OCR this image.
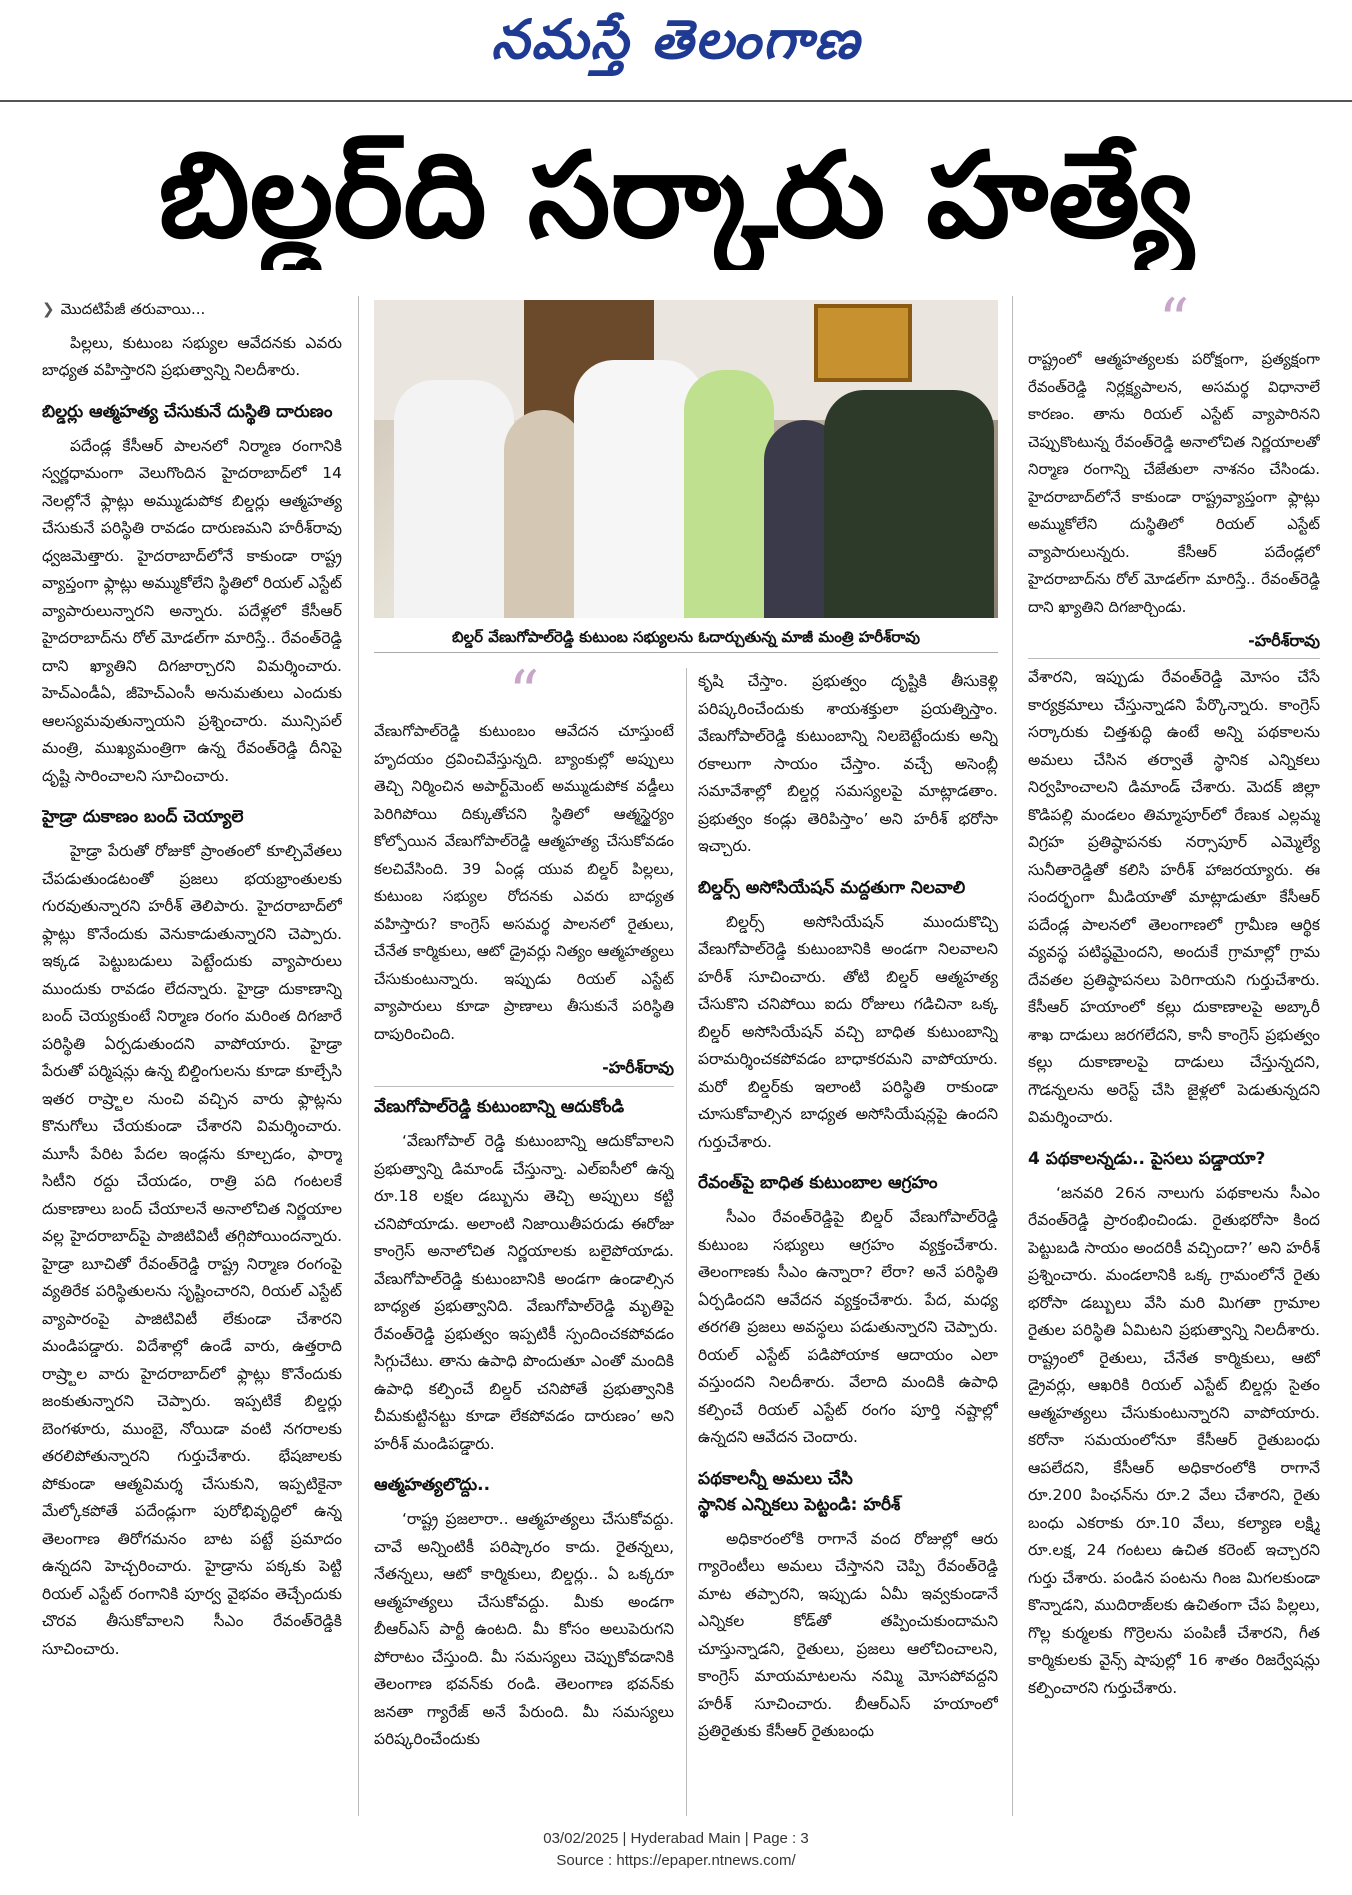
నమస్తే తెలంగాణ
బిల్డర్‌ది సర్కారు హత్యే
❯ మొదటిపేజీ తరువాయి...

పిల్లలు, కుటుంబ సభ్యుల ఆవేదనకు ఎవరు బాధ్యత వహిస్తారని ప్రభుత్వాన్ని నిలదీశారు.

బిల్డర్లు ఆత్మహత్య చేసుకునే దుస్థితి దారుణం

పదేండ్ల కేసీఆర్ పాలనలో నిర్మాణ రంగానికి స్వర్ణధామంగా వెలుగొందిన హైదరాబాద్‌లో 14 నెలల్లోనే ఫ్లాట్లు అమ్ముడుపోక బిల్డర్లు ఆత్మహత్య చేసుకునే పరిస్థితి రావడం దారుణమని హరీశ్‌రావు ధ్వజమెత్తారు. హైదరాబాద్‌లోనే కాకుండా రాష్ట్ర వ్యాప్తంగా ఫ్లాట్లు అమ్ముకోలేని స్థితిలో రియల్ ఎస్టేట్ వ్యాపారులున్నారని అన్నారు. పదేళ్లలో కేసీఆర్ హైదరాబాద్‌ను రోల్ మోడల్‌గా మారిస్తే.. రేవంత్‌రెడ్డి దాని ఖ్యాతిని దిగజార్చారని విమర్శించారు. హెచ్‌ఎండీఏ, జీహెచ్‌ఎంసీ అనుమతులు ఎందుకు ఆలస్యమవుతున్నాయని ప్రశ్నించారు. మున్సిపల్ మంత్రి, ముఖ్యమంత్రిగా ఉన్న రేవంత్‌రెడ్డి దీనిపై దృష్టి సారించాలని సూచించారు.

హైడ్రా దుకాణం బంద్ చెయ్యాలె

హైడ్రా పేరుతో రోజుకో ప్రాంతంలో కూల్చివేతలు చేపడుతుండటంతో ప్రజలు భయభ్రాంతులకు గురవుతున్నారని హరీశ్ తెలిపారు. హైదరాబాద్‌లో ఫ్లాట్లు కొనేందుకు వెనుకాడుతున్నారని చెప్పారు. ఇక్కడ పెట్టుబడులు పెట్టేందుకు వ్యాపారులు ముందుకు రావడం లేదన్నారు. హైడ్రా దుకాణాన్ని బంద్ చెయ్యకుంటే నిర్మాణ రంగం మరింత దిగజారే పరిస్థితి ఏర్పడుతుందని వాపోయారు. హైడ్రా పేరుతో పర్మిషన్లు ఉన్న బిల్డింగులను కూడా కూల్చేసి ఇతర రాష్ర్టాల నుంచి వచ్చిన వారు ఫ్లాట్లను కొనుగోలు చేయకుండా చేశారని విమర్శించారు. మూసీ పేరిట పేదల ఇండ్లను కూల్చడం, ఫార్మా సిటీని రద్దు చేయడం, రాత్రి పది గంటలకే దుకాణాలు బంద్ చేయాలనే అనాలోచిత నిర్ణయాల వల్ల హైదరాబాద్‌పై పాజిటివిటీ తగ్గిపోయిందన్నారు. హైడ్రా బూచితో రేవంత్‌రెడ్డి రాష్ట్ర నిర్మాణ రంగంపై వ్యతిరేక పరిస్థితులను సృష్టించారని, రియల్ ఎస్టేట్ వ్యాపారంపై పాజిటివిటీ లేకుండా చేశారని మండిపడ్డారు. విదేశాల్లో ఉండే వారు, ఉత్తరాది రాష్ర్టాల వారు హైదరాబాద్‌లో ఫ్లాట్లు కొనేందుకు జంకుతున్నారని చెప్పారు. ఇప్పటికే బిల్డర్లు బెంగళూరు, ముంబై, నోయిడా వంటి నగరాలకు తరలిపోతున్నారని గుర్తుచేశారు. భేషజాలకు పోకుండా ఆత్మవిమర్శ చేసుకుని, ఇప్పటికైనా మేల్కోకపోతే పదేండ్లుగా పురోభివృద్ధిలో ఉన్న తెలంగాణ తిరోగమనం బాట పట్టే ప్రమాదం ఉన్నదని హెచ్చరించారు. హైడ్రాను పక్కకు పెట్టి రియల్ ఎస్టేట్ రంగానికి పూర్వ వైభవం తెచ్చేందుకు చొరవ తీసుకోవాలని సీఎం రేవంత్‌రెడ్డికి సూచించారు.

బిల్డర్ వేణుగోపాల్‌రెడ్డి కుటుంబ సభ్యులను ఓదార్చుతున్న మాజీ మంత్రి హరీశ్‌రావు
“

వేణుగోపాల్‌రెడ్డి కుటుంబం ఆవేదన చూస్తుంటే హృదయం ద్రవించివేస్తున్నది. బ్యాంకుల్లో అప్పులు తెచ్చి నిర్మించిన అపార్ట్‌మెంట్ అమ్ముడుపోక వడ్డీలు పెరిగిపోయి దిక్కుతోచని స్థితిలో ఆత్మస్థైర్యం కోల్పోయిన వేణుగోపాల్‌రెడ్డి ఆత్మహత్య చేసుకోవడం కలచివేసింది. 39 ఏండ్ల యువ బిల్డర్ పిల్లలు, కుటుంబ సభ్యుల రోదనకు ఎవరు బాధ్యత వహిస్తారు? కాంగ్రెస్ అసమర్థ పాలనలో రైతులు, చేనేత కార్మికులు, ఆటో డ్రైవర్లు నిత్యం ఆత్మహత్యలు చేసుకుంటున్నారు. ఇప్పుడు రియల్ ఎస్టేట్ వ్యాపారులు కూడా ప్రాణాలు తీసుకునే పరిస్థితి దాపురించింది.

-హరీశ్‌రావు
వేణుగోపాల్‌రెడ్డి కుటుంబాన్ని ఆదుకోండి

‘వేణుగోపాల్ రెడ్డి కుటుంబాన్ని ఆదుకోవాలని ప్రభుత్వాన్ని డిమాండ్ చేస్తున్నా. ఎల్‌ఐసీలో ఉన్న రూ.18 లక్షల డబ్బును తెచ్చి అప్పులు కట్టి చనిపోయాడు. అలాంటి నిజాయితీపరుడు ఈరోజు కాంగ్రెస్ అనాలోచిత నిర్ణయాలకు బలైపోయాడు. వేణుగోపాల్‌రెడ్డి కుటుంబానికి అండగా ఉండాల్సిన బాధ్యత ప్రభుత్వానిది. వేణుగోపాల్‌రెడ్డి మృతిపై రేవంత్‌రెడ్డి ప్రభుత్వం ఇప్పటికీ స్పందించకపోవడం సిగ్గుచేటు. తాను ఉపాధి పొందుతూ ఎంతో మందికి ఉపాధి కల్పించే బిల్డర్ చనిపోతే ప్రభుత్వానికి చీమకుట్టినట్టు కూడా లేకపోవడం దారుణం’ అని హరీశ్ మండిపడ్డారు.

ఆత్మహత్యలొద్దు..

‘రాష్ట్ర ప్రజలారా.. ఆత్మహత్యలు చేసుకోవద్దు. చావే అన్నింటికీ పరిష్కారం కాదు. రైతన్నలు, నేతన్నలు, ఆటో కార్మికులు, బిల్డర్లు.. ఏ ఒక్కరూ ఆత్మహత్యలు చేసుకోవద్దు. మీకు అండగా బీఆర్‌ఎస్ పార్టీ ఉంటది. మీ కోసం అలుపెరుగని పోరాటం చేస్తుంది. మీ సమస్యలు చెప్పుకోవడానికి తెలంగాణ భవన్‌కు రండి. తెలంగాణ భవన్‌కు జనతా గ్యారేజ్ అనే పేరుంది. మీ సమస్యలు పరిష్కరించేందుకు

కృషి చేస్తాం. ప్రభుత్వం దృష్టికి తీసుకెళ్లి పరిష్కరించేందుకు శాయశక్తులా ప్రయత్నిస్తాం. వేణుగోపాల్‌రెడ్డి కుటుంబాన్ని నిలబెట్టేందుకు అన్ని రకాలుగా సాయం చేస్తాం. వచ్చే అసెంబ్లీ సమావేశాల్లో బిల్డర్ల సమస్యలపై మాట్లాడతాం. ప్రభుత్వం కండ్లు తెరిపిస్తాం’ అని హరీశ్ భరోసా ఇచ్చారు.

బిల్డర్స్ అసోసియేషన్ మద్దతుగా నిలవాలి

బిల్డర్స్ అసోసియేషన్ ముందుకొచ్చి వేణుగోపాల్‌రెడ్డి కుటుంబానికి అండగా నిలవాలని హరీశ్ సూచించారు. తోటి బిల్డర్ ఆత్మహత్య చేసుకొని చనిపోయి ఐదు రోజులు గడిచినా ఒక్క బిల్డర్ అసోసియేషన్ వచ్చి బాధిత కుటుంబాన్ని పరామర్శించకపోవడం బాధాకరమని వాపోయారు. మరో బిల్డర్‌కు ఇలాంటి పరిస్థితి రాకుండా చూసుకోవాల్సిన బాధ్యత అసోసియేషన్లపై ఉందని గుర్తుచేశారు.

రేవంత్‌పై బాధిత కుటుంబాల ఆగ్రహం

సీఎం రేవంత్‌రెడ్డిపై బిల్డర్ వేణుగోపాల్‌రెడ్డి కుటుంబ సభ్యులు ఆగ్రహం వ్యక్తంచేశారు. తెలంగాణకు సీఎం ఉన్నారా? లేరా? అనే పరిస్థితి ఏర్పడిందని ఆవేదన వ్యక్తంచేశారు. పేద, మధ్య తరగతి ప్రజలు అవస్థలు పడుతున్నారని చెప్పారు. రియల్ ఎస్టేట్ పడిపోయాక ఆదాయం ఎలా వస్తుందని నిలదీశారు. వేలాది మందికి ఉపాధి కల్పించే రియల్ ఎస్టేట్ రంగం పూర్తి నష్టాల్లో ఉన్నదని ఆవేదన చెందారు.

పథకాలన్నీ అమలు చేసి
స్థానిక ఎన్నికలు పెట్టండి: హరీశ్

అధికారంలోకి రాగానే వంద రోజుల్లో ఆరు గ్యారెంటీలు అమలు చేస్తానని చెప్పి రేవంత్‌రెడ్డి మాట తప్పారని, ఇప్పుడు ఏమీ ఇవ్వకుండానే ఎన్నికల కోడ్‌తో తప్పించుకుందామని చూస్తున్నాడని, రైతులు, ప్రజలు ఆలోచించాలని, కాంగ్రెస్ మాయమాటలను నమ్మి మోసపోవద్దని హరీశ్ సూచించారు. బీఆర్‌ఎస్ హయాంలో ప్రతిరైతుకు కేసీఆర్ రైతుబంధు

“

రాష్ట్రంలో ఆత్మహత్యలకు పరోక్షంగా, ప్రత్యక్షంగా రేవంత్‌రెడ్డి నిర్లక్ష్యపాలన, అసమర్థ విధానాలే కారణం. తాను రియల్ ఎస్టేట్ వ్యాపారినని చెప్పుకొంటున్న రేవంత్‌రెడ్డి అనాలోచిత నిర్ణయాలతో నిర్మాణ రంగాన్ని చేజేతులా నాశనం చేసిండు. హైదరాబాద్‌లోనే కాకుండా రాష్ట్రవ్యాప్తంగా ఫ్లాట్లు అమ్ముకోలేని దుస్థితిలో రియల్ ఎస్టేట్ వ్యాపారులున్నరు. కేసీఆర్ పదేండ్లలో హైదరాబాద్‌ను రోల్ మోడల్‌గా మారిస్తే.. రేవంత్‌రెడ్డి దాని ఖ్యాతిని దిగజార్చిండు.

-హరీశ్‌రావు

వేశారని, ఇప్పుడు రేవంత్‌రెడ్డి మోసం చేసే కార్యక్రమాలు చేస్తున్నాడని పేర్కొన్నారు. కాంగ్రెస్ సర్కారుకు చిత్తశుద్ధి ఉంటే అన్ని పథకాలను అమలు చేసిన తర్వాతే స్థానిక ఎన్నికలు నిర్వహించాలని డిమాండ్ చేశారు. మెదక్ జిల్లా కొడిపల్లి మండలం తిమ్మాపూర్‌లో రేణుక ఎల్లమ్మ విగ్రహ ప్రతిష్ఠాపనకు నర్సాపూర్ ఎమ్మెల్యే సునీతారెడ్డితో కలిసి హరీశ్ హాజరయ్యారు. ఈ సందర్భంగా మీడియాతో మాట్లాడుతూ కేసీఆర్ పదేండ్ల పాలనలో తెలంగాణలో గ్రామీణ ఆర్థిక వ్యవస్థ పటిష్ఠమైందని, అందుకే గ్రామాల్లో గ్రామ దేవతల ప్రతిష్ఠాపనలు పెరిగాయని గుర్తుచేశారు. కేసీఆర్ హయాంలో కల్లు దుకాణాలపై అబ్కారీ శాఖ దాడులు జరగలేదని, కానీ కాంగ్రెస్ ప్రభుత్వం కల్లు దుకాణాలపై దాడులు చేస్తున్నదని, గౌడన్నలను అరెస్ట్ చేసి జైళ్లలో పెడుతున్నదని విమర్శించారు.

4 పథకాలన్నడు.. పైసలు పడ్డాయా?

‘జనవరి 26న నాలుగు పథకాలను సీఎం రేవంత్‌రెడ్డి ప్రారంభించిండు. రైతుభరోసా కింద పెట్టుబడి సాయం అందరికీ వచ్చిందా?’ అని హరీశ్ ప్రశ్నించారు. మండలానికి ఒక్క గ్రామంలోనే రైతు భరోసా డబ్బులు వేసి మరి మిగతా గ్రామాల రైతుల పరిస్థితి ఏమిటని ప్రభుత్వాన్ని నిలదీశారు. రాష్ట్రంలో రైతులు, చేనేత కార్మికులు, ఆటో డ్రైవర్లు, ఆఖరికి రియల్ ఎస్టేట్ బిల్డర్లు సైతం ఆత్మహత్యలు చేసుకుంటున్నారని వాపోయారు. కరోనా సమయంలోనూ కేసీఆర్ రైతుబంధు ఆపలేదని, కేసీఆర్ అధికారంలోకి రాగానే రూ.200 పింఛన్‌ను రూ.2 వేలు చేశారని, రైతు బంధు ఎకరాకు రూ.10 వేలు, కల్యాణ లక్ష్మి రూ.లక్ష, 24 గంటలు ఉచిత కరెంట్ ఇచ్చారని గుర్తు చేశారు. పండిన పంటను గింజ మిగలకుండా కొన్నాడని, ముదిరాజ్‌లకు ఉచితంగా చేప పిల్లలు, గొల్ల కుర్మలకు గొర్రెలను పంపిణీ చేశారని, గీత కార్మికులకు వైన్స్ షాపుల్లో 16 శాతం రిజర్వేషన్లు కల్పించారని గుర్తుచేశారు.

03/02/2025 | Hyderabad Main | Page : 3
Source : https://epaper.ntnews.com/
